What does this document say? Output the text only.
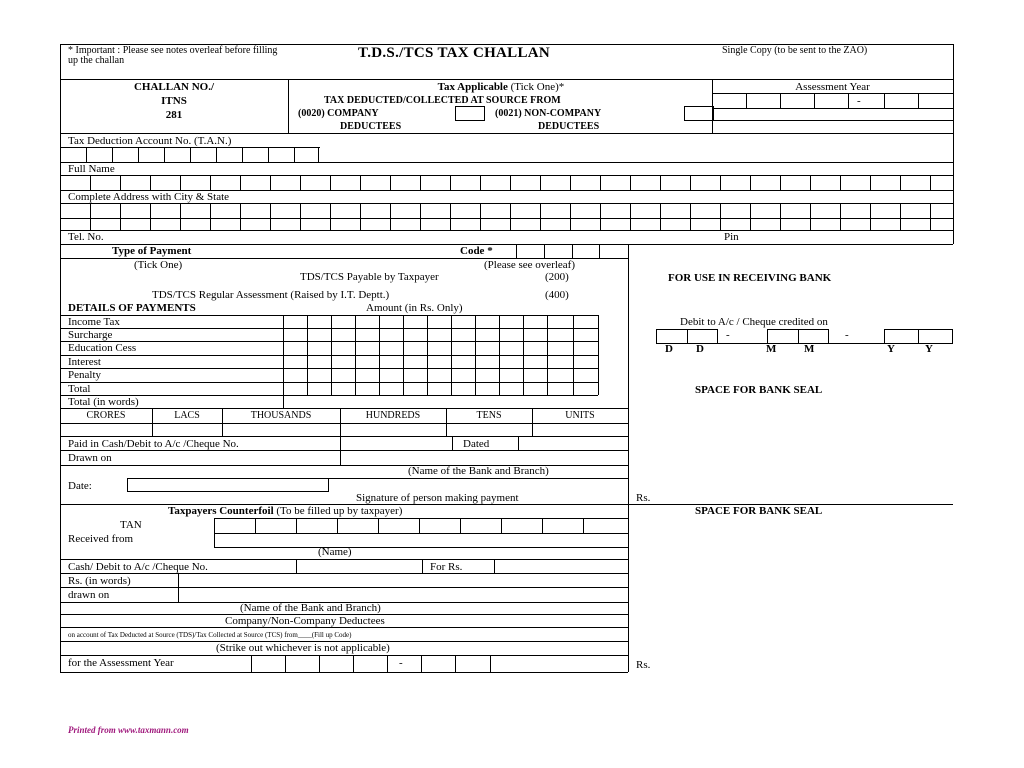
* Important : Please see notes overleaf before filling up the challan	T.D.S./TCS TAX CHALLAN	Single Copy (to be sent to the ZAO)
CHALLAN NO./
ITNS
281
Tax Applicable (Tick One)*
TAX DEDUCTED/COLLECTED AT SOURCE FROM
(0020) COMPANY
DEDUCTEES
(0021) NON-COMPANY
DEDUCTEES
Assessment Year
-
Tax Deduction Account No. (T.A.N.)
Full Name
Complete Address with City & State
Tel. No.	Pin
Type of Payment	Code *
(Tick One)	(Please see overleaf)
TDS/TCS Payable by Taxpayer	(200)
TDS/TCS Regular Assessment (Raised by I.T. Deptt.)	(400)
FOR USE IN RECEIVING BANK
Debit to A/c / Cheque credited on
-	-
D D	M	M	Y	Y
SPACE FOR BANK SEAL
Rs.
DETAILS OF PAYMENTS	Amount (in Rs. Only)
Income Tax
Surcharge
Education Cess
Interest
Penalty
Total
Total (in words)
CRORES	LACS	THOUSANDS	HUNDREDS	TENS	UNITS
Paid in Cash/Debit to A/c /Cheque No.	Dated
Drawn on
(Name of the Bank and Branch)
Date:
Signature of person making payment
Taxpayers Counterfoil (To be filled up by taxpayer)	SPACE FOR BANK SEAL
TAN
Received from
(Name)
Cash/ Debit to A/c /Cheque No.	For Rs.
Rs. (in words)
drawn on
(Name of the Bank and Branch)
Company/Non-Company Deductees
on account of Tax Deducted at Source (TDS)/Tax Collected at Source (TCS) from____(Fill up Code)
(Strike out whichever is not applicable)
for the Assessment Year	-	Rs.
Printed from www.taxmann.com
